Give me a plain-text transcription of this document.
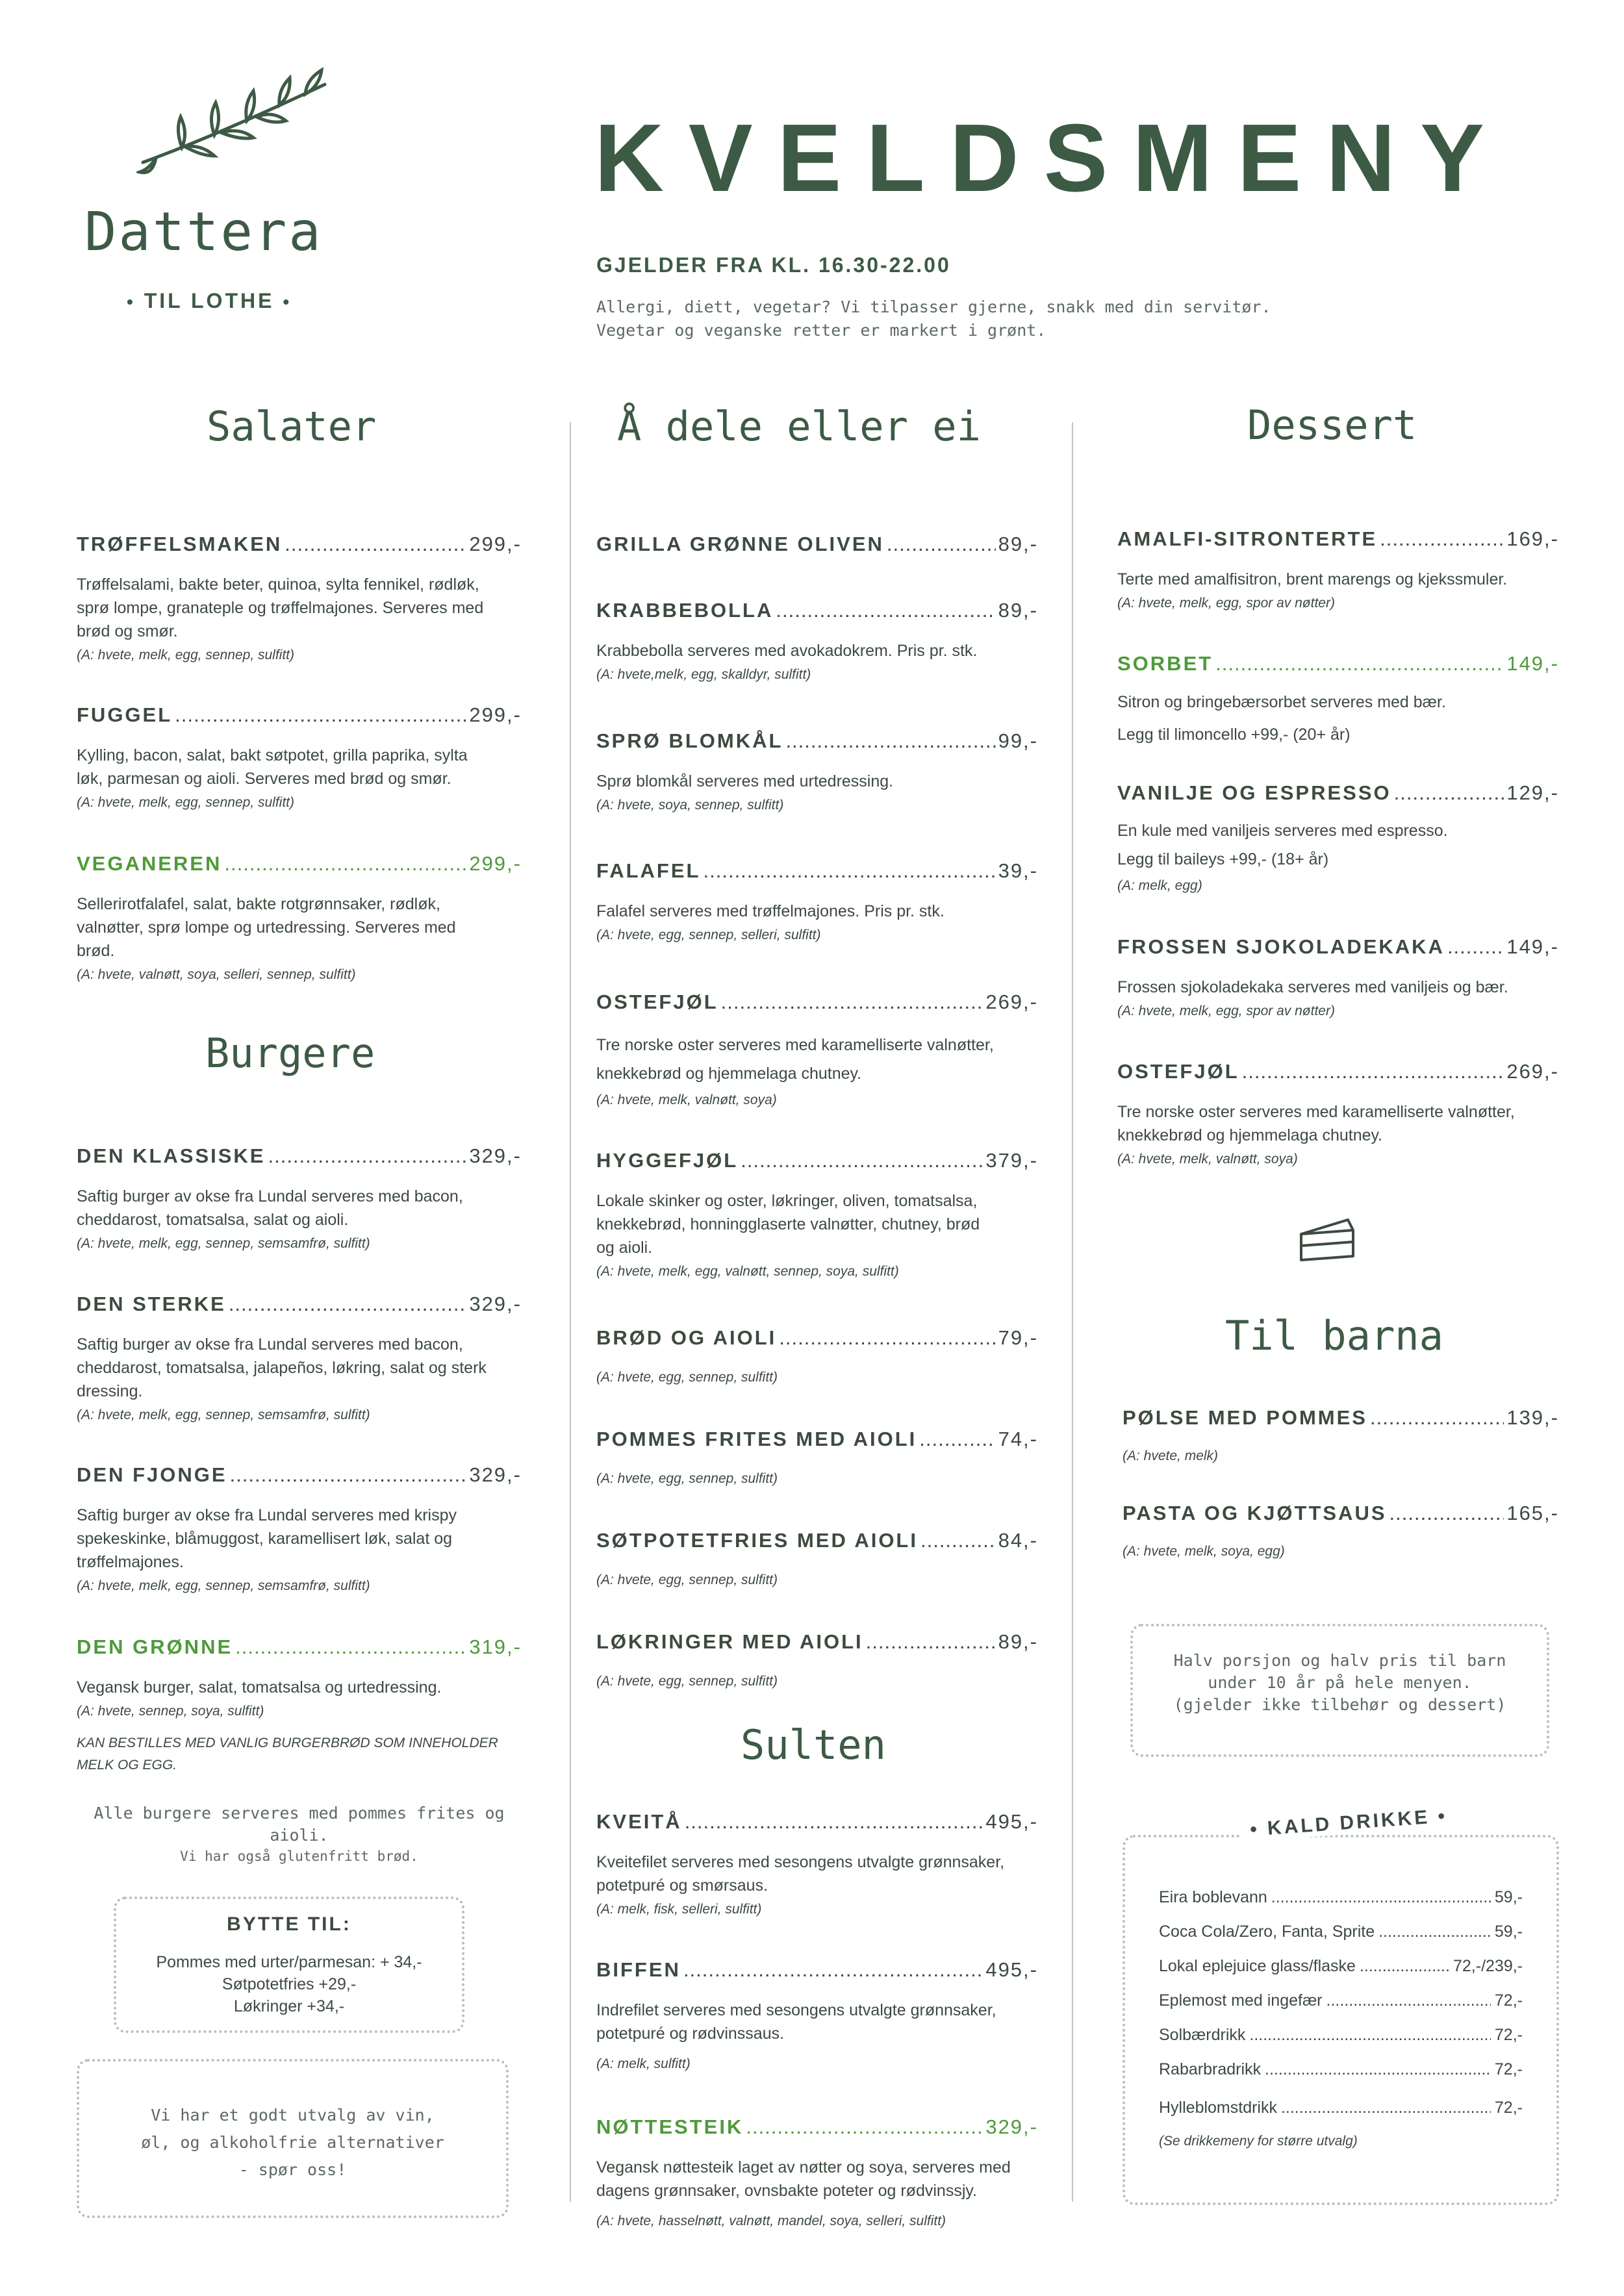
Dattera
• TIL LOTHE •
KVELDSMENY
GJELDER FRA KL. 16.30-22.00
Allergi, diett, vegetar? Vi tilpasser gjerne, snakk med din servitør.
Vegetar og veganske retter er markert i grønt.
Salater
TRØFFELSMAKEN .....	299,-
Trøffelsalami, bakte beter, quinoa, sylta fennikel, rødløk,
sprø lompe, granateple og trøffelmajones. Serveres med
brød og smør.
(A: hvete, melk, egg, sennep, sulfitt)
FUGGEL .....	299,-
Kylling, bacon, salat, bakt søtpotet, grilla paprika, sylta
løk, parmesan og aioli. Serveres med brød og smør.
(A: hvete, melk, egg, sennep, sulfitt)
VEGANEREN .....	299,-
Sellerirotfalafel, salat, bakte rotgrønnsaker, rødløk,
valnøtter, sprø lompe og urtedressing. Serveres med
brød.
(A: hvete, valnøtt, soya, selleri, sennep, sulfitt)
Burgere
DEN KLASSISKE .....	329,-
Saftig burger av okse fra Lundal serveres med bacon,
cheddarost, tomatsalsa, salat og aioli.
(A: hvete, melk, egg, sennep, semsamfrø, sulfitt)
DEN STERKE .....	329,-
Saftig burger av okse fra Lundal serveres med bacon,
cheddarost, tomatsalsa, jalapeños, løkring, salat og sterk
dressing.
(A: hvete, melk, egg, sennep, semsamfrø, sulfitt)
DEN FJONGE .....	329,-
Saftig burger av okse fra Lundal serveres med krispy
spekeskinke, blåmuggost, karamellisert løk, salat og
trøffelmajones.
(A: hvete, melk, egg, sennep, semsamfrø, sulfitt)
DEN GRØNNE .....	319,-
Vegansk burger, salat, tomatsalsa og urtedressing.
(A: hvete, sennep, soya, sulfitt)
KAN BESTILLES MED VANLIG BURGERBRØD SOM INNEHOLDER
MELK OG EGG.
Alle burgere serveres med pommes frites og
aioli.
Vi har også glutenfritt brød.
BYTTE TIL:
Pommes med urter/parmesan: + 34,-
Søtpotetfries +29,-
Løkringer +34,-
Vi har et godt utvalg av vin,
øl, og alkoholfrie alternativer
- spør oss!
Å dele eller ei
GRILLA GRØNNE OLIVEN .....	89,-
KRABBEBOLLA .....	89,-
Krabbebolla serveres med avokadokrem. Pris pr. stk.
(A: hvete,melk, egg, skalldyr, sulfitt)
SPRØ BLOMKÅL .....	99,-
Sprø blomkål serveres med urtedressing.
(A: hvete, soya, sennep, sulfitt)
FALAFEL .....	39,-
Falafel serveres med trøffelmajones. Pris pr. stk.
(A: hvete, egg, sennep, selleri, sulfitt)
OSTEFJØL .....	269,-
Tre norske oster serveres med karamelliserte valnøtter,
knekkebrød og hjemmelaga chutney.
(A: hvete, melk, valnøtt, soya)
HYGGEFJØL .....	379,-
Lokale skinker og oster, løkringer, oliven, tomatsalsa,
knekkebrød, honningglaserte valnøtter, chutney, brød
og aioli.
(A: hvete, melk, egg, valnøtt, sennep, soya, sulfitt)
BRØD OG AIOLI .....	79,-
(A: hvete, egg, sennep, sulfitt)
POMMES FRITES MED AIOLI .....	74,-
(A: hvete, egg, sennep, sulfitt)
SØTPOTETFRIES MED AIOLI .....	84,-
(A: hvete, egg, sennep, sulfitt)
LØKRINGER MED AIOLI .....	89,-
(A: hvete, egg, sennep, sulfitt)
Sulten
KVEITÅ .....	495,-
Kveitefilet serveres med sesongens utvalgte grønnsaker,
potetpuré og smørsaus.
(A: melk, fisk, selleri, sulfitt)
BIFFEN .....	495,-
Indrefilet serveres med sesongens utvalgte grønnsaker,
potetpuré og rødvinssaus.
(A: melk, sulfitt)
NØTTESTEIK .....	329,-
Vegansk nøttesteik laget av nøtter og soya, serveres med
dagens grønnsaker, ovnsbakte poteter og rødvinssjy.
(A: hvete, hasselnøtt, valnøtt, mandel, soya, selleri, sulfitt)
Dessert
AMALFI-SITRONTERTE .....	169,-
Terte med amalfisitron, brent marengs og kjekssmuler.
(A: hvete, melk, egg, spor av nøtter)
SORBET .....	149,-
Sitron og bringebærsorbet serveres med bær.
Legg til limoncello +99,- (20+ år)
VANILJE OG ESPRESSO .....	129,-
En kule med vaniljeis serveres med espresso.
Legg til baileys +99,- (18+ år)
(A: melk, egg)
FROSSEN SJOKOLADEKAKA .....	149,-
Frossen sjokoladekaka serveres med vaniljeis og bær.
(A: hvete, melk, egg, spor av nøtter)
OSTEFJØL .....	269,-
Tre norske oster serveres med karamelliserte valnøtter,
knekkebrød og hjemmelaga chutney.
(A: hvete, melk, valnøtt, soya)
Til barna
PØLSE MED POMMES .....	139,-
(A: hvete, melk)
PASTA OG KJØTTSAUS .....	165,-
(A: hvete, melk, soya, egg)
Halv porsjon og halv pris til barn
under 10 år på hele menyen.
(gjelder ikke tilbehør og dessert)
Eira boblevann .....	59,-
Coca Cola/Zero, Fanta, Sprite .....	59,-
Lokal eplejuice glass/flaske .....	72,-/239,-
Eplemost med ingefær .....	72,-
Solbærdrikk .....	72,-
Rabarbradrikk .....	72,-
Hylleblomstdrikk .....	72,-
(Se drikkemeny for større utvalg)
• KALD DRIKKE •
